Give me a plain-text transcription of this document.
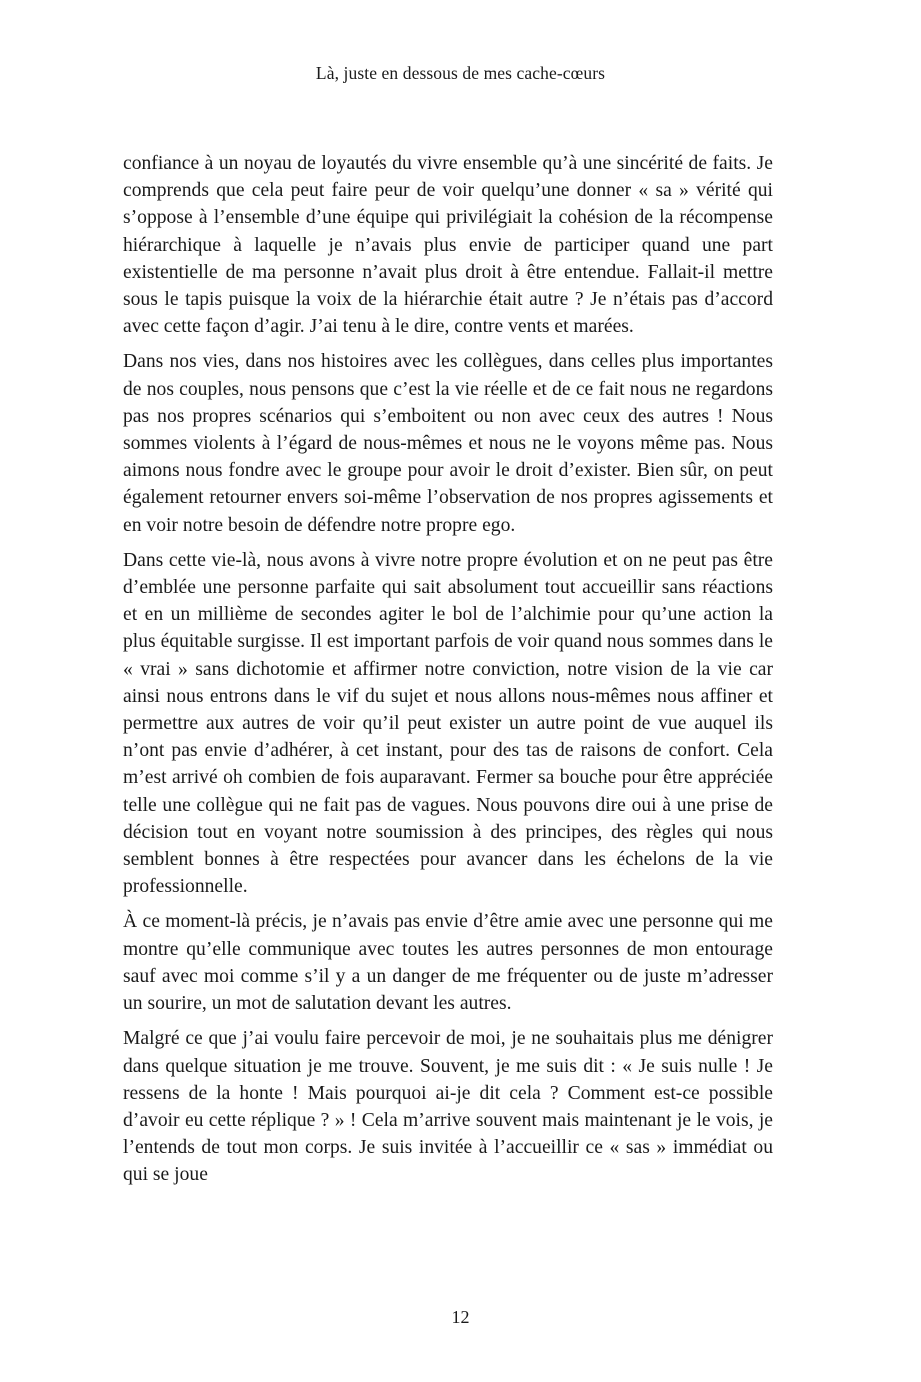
Là, juste en dessous de mes cache-cœurs

confiance à un noyau de loyautés du vivre ensemble qu’à une sincérité de faits. Je comprends que cela peut faire peur de voir quelqu’une donner « sa » vérité qui s’oppose à l’ensemble d’une équipe qui privilégiait la cohésion de la récompense hiérarchique à laquelle je n’avais plus envie de participer quand une part existentielle de ma personne n’avait plus droit à être entendue. Fallait-il mettre sous le tapis puisque la voix de la hiérarchie était autre ? Je n’étais pas d’accord avec cette façon d’agir. J’ai tenu à le dire, contre vents et marées.

Dans nos vies, dans nos histoires avec les collègues, dans celles plus importantes de nos couples, nous pensons que c’est la vie réelle et de ce fait nous ne regardons pas nos propres scénarios qui s’emboitent ou non avec ceux des autres ! Nous sommes violents à l’égard de nous-mêmes et nous ne le voyons même pas. Nous aimons nous fondre avec le groupe pour avoir le droit d’exister. Bien sûr, on peut également retourner envers soi-même l’observation de nos propres agissements et en voir notre besoin de défendre notre propre ego.

Dans cette vie-là, nous avons à vivre notre propre évolution et on ne peut pas être d’emblée une personne parfaite qui sait absolument tout accueillir sans réactions et en un millième de secondes agiter le bol de l’alchimie pour qu’une action la plus équitable surgisse. Il est important parfois de voir quand nous sommes dans le « vrai » sans dichotomie et affirmer notre conviction, notre vision de la vie car ainsi nous entrons dans le vif du sujet et nous allons nous-mêmes nous affiner et permettre aux autres de voir qu’il peut exister un autre point de vue auquel ils n’ont pas envie d’adhérer, à cet instant, pour des tas de raisons de confort. Cela m’est arrivé oh combien de fois auparavant. Fermer sa bouche pour être appréciée telle une collègue qui ne fait pas de vagues. Nous pouvons dire oui à une prise de décision tout en voyant notre soumission à des principes, des règles qui nous semblent bonnes à être respectées pour avancer dans les échelons de la vie professionnelle.

À ce moment-là précis, je n’avais pas envie d’être amie avec une personne qui me montre qu’elle communique avec toutes les autres personnes de mon entourage sauf avec moi comme s’il y a un danger de me fréquenter ou de juste m’adresser un sourire, un mot de salutation devant les autres.

Malgré ce que j’ai voulu faire percevoir de moi, je ne souhaitais plus me dénigrer dans quelque situation je me trouve. Souvent, je me suis dit : « Je suis nulle ! Je ressens de la honte ! Mais pourquoi ai-je dit cela ? Comment est-ce possible d’avoir eu cette réplique ? » ! Cela m’arrive souvent mais maintenant je le vois, je l’entends de tout mon corps. Je suis invitée à l’accueillir ce « sas » immédiat ou qui se joue

12
